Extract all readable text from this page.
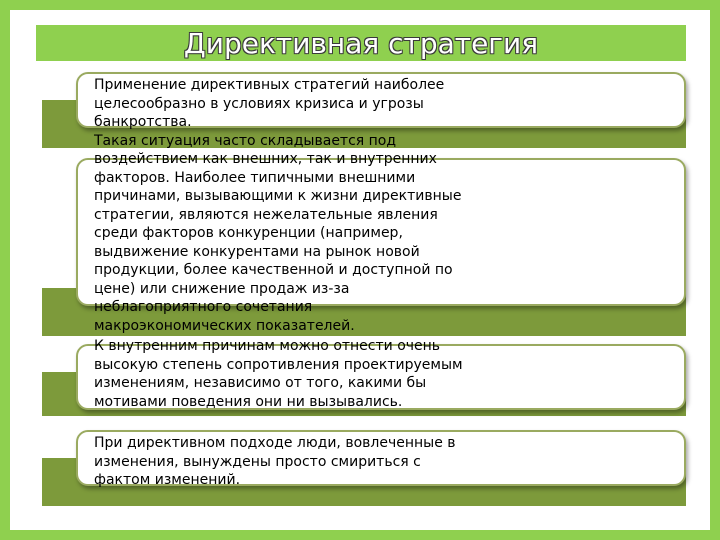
Директивная стратегия
Применение директивных стратегий наиболее
целесообразно в условиях кризиса и угрозы
банкротства.
Такая ситуация часто складывается под
воздействием как внешних, так и внутренних
факторов. Наиболее типичными внешними
причинами, вызывающими к жизни директивные
стратегии, являются нежелательные явления
среди факторов конкуренции (например,
выдвижение конкурентами на рынок новой
продукции, более качественной и доступной по
цене) или снижение продаж из-за
неблагоприятного сочетания
макроэкономических показателей.
К внутренним причинам можно отнести очень
высокую степень сопротивления проектируемым
изменениям, независимо от того, какими бы
мотивами поведения они ни вызывались.
При директивном подходе люди, вовлеченные в
изменения, вынуждены просто смириться с
фактом изменений.
